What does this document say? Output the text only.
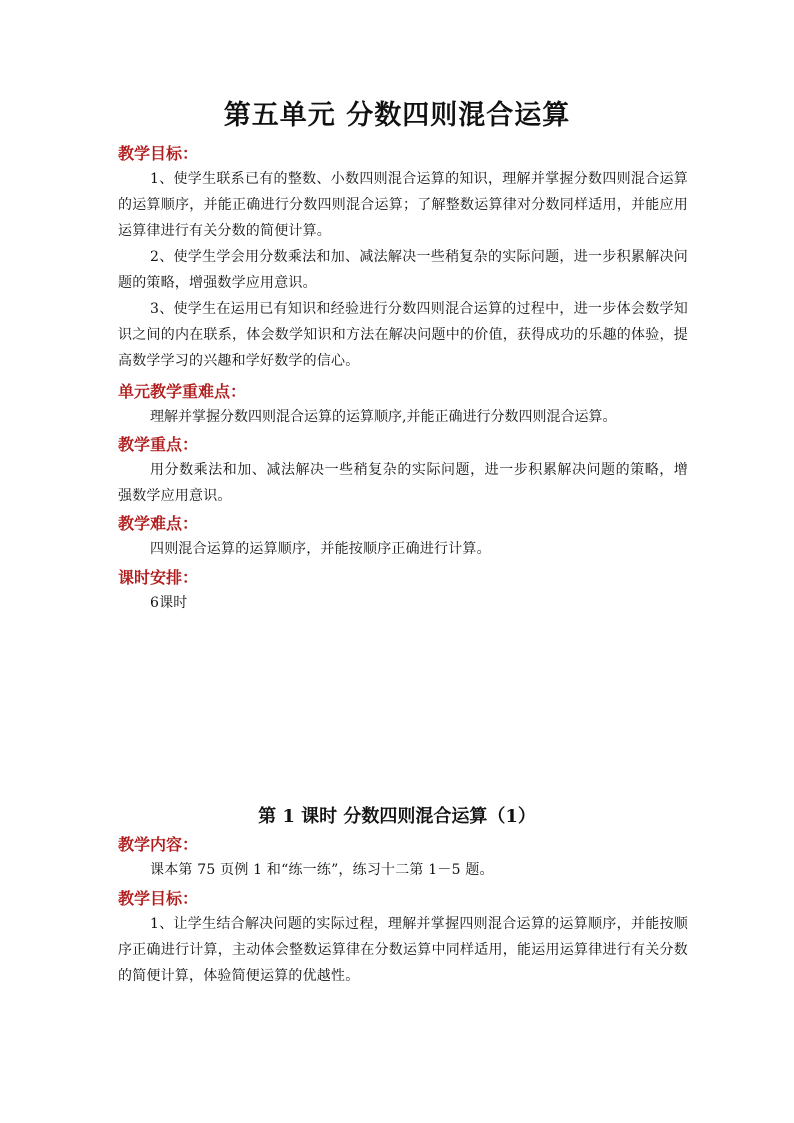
第五单元 分数四则混合运算

教学目标：

1、使学生联系已有的整数、小数四则混合运算的知识，理解并掌握分数四则混合运算的运算顺序，并能正确进行分数四则混合运算；了解整数运算律对分数同样适用，并能应用运算律进行有关分数的简便计算。

2、使学生学会用分数乘法和加、减法解决一些稍复杂的实际问题，进一步积累解决问题的策略，增强数学应用意识。

3、使学生在运用已有知识和经验进行分数四则混合运算的过程中，进一步体会数学知识之间的内在联系，体会数学知识和方法在解决问题中的价值，获得成功的乐趣的体验，提高数学学习的兴趣和学好数学的信心。

单元教学重难点：

理解并掌握分数四则混合运算的运算顺序,并能正确进行分数四则混合运算。

教学重点：

用分数乘法和加、减法解决一些稍复杂的实际问题，进一步积累解决问题的策略，增强数学应用意识。

教学难点：

四则混合运算的运算顺序，并能按顺序正确进行计算。

课时安排：

6课时

第 1 课时 分数四则混合运算（1）

教学内容：

课本第 75 页例 1 和“练一练”，练习十二第 1－5 题。

教学目标：

1、让学生结合解决问题的实际过程，理解并掌握四则混合运算的运算顺序，并能按顺序正确进行计算，主动体会整数运算律在分数运算中同样适用，能运用运算律进行有关分数的简便计算，体验简便运算的优越性。
